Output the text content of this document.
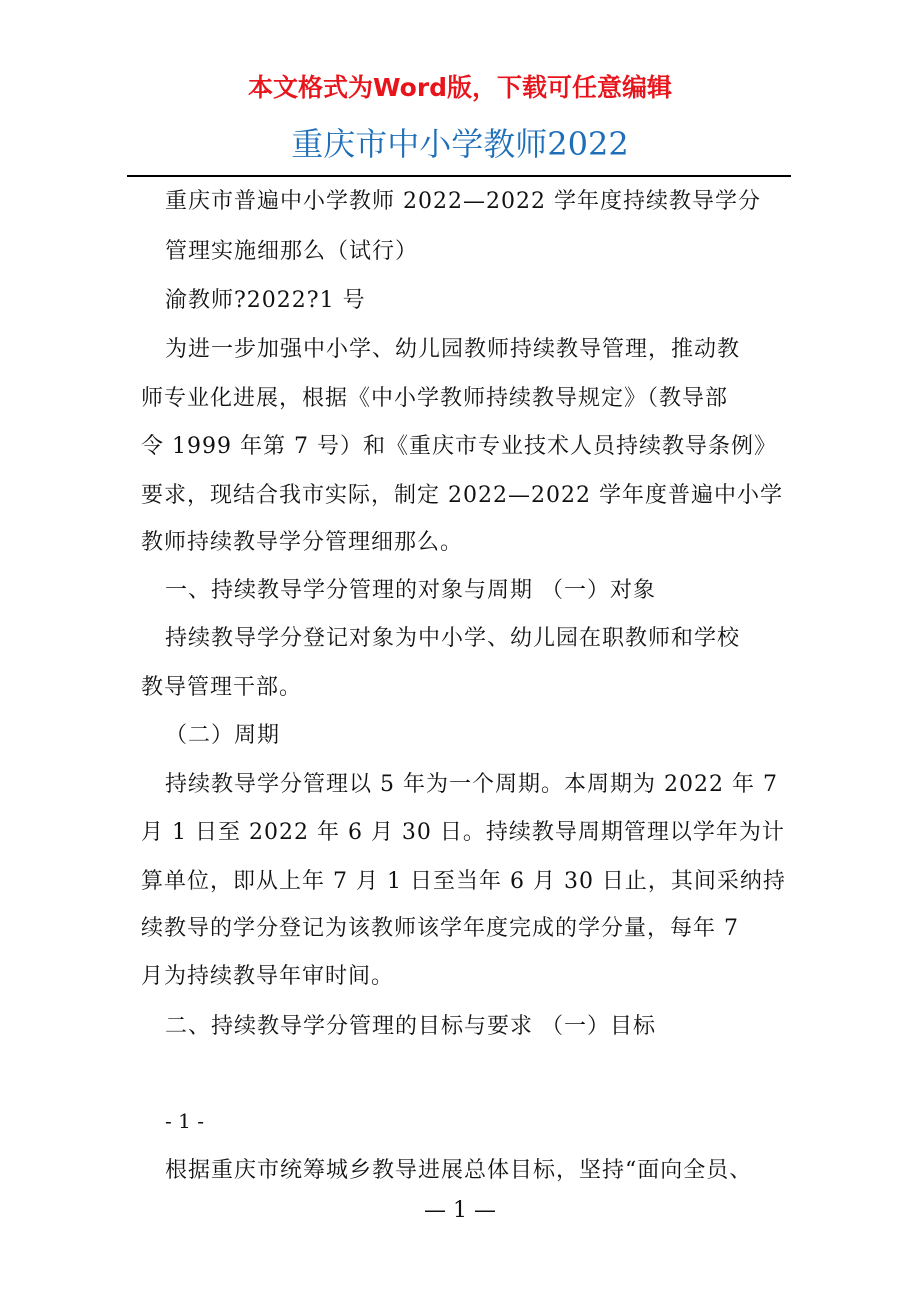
本文格式为Word版，下载可任意编辑
重庆市中小学教师2022
重庆市普遍中小学教师 2022—2022 学年度持续教导学分
管理实施细那么（试行）
渝教师?2022?1 号
为进一步加强中小学、幼儿园教师持续教导管理，推动教
师专业化进展，根据《中小学教师持续教导规定》（教导部
令 1999 年第 7 号）和《重庆市专业技术人员持续教导条例》
要求，现结合我市实际，制定 2022—2022 学年度普遍中小学
教师持续教导学分管理细那么。
一、持续教导学分管理的对象与周期 （一）对象
持续教导学分登记对象为中小学、幼儿园在职教师和学校
教导管理干部。
（二）周期
持续教导学分管理以 5 年为一个周期。本周期为 2022 年 7
月 1 日至 2022 年 6 月 30 日。持续教导周期管理以学年为计
算单位，即从上年 7 月 1 日至当年 6 月 30 日止，其间采纳持
续教导的学分登记为该教师该学年度完成的学分量，每年 7
月为持续教导年审时间。
二、持续教导学分管理的目标与要求 （一）目标
- 1 -
根据重庆市统筹城乡教导进展总体目标，坚持“面向全员、
— 1 —
